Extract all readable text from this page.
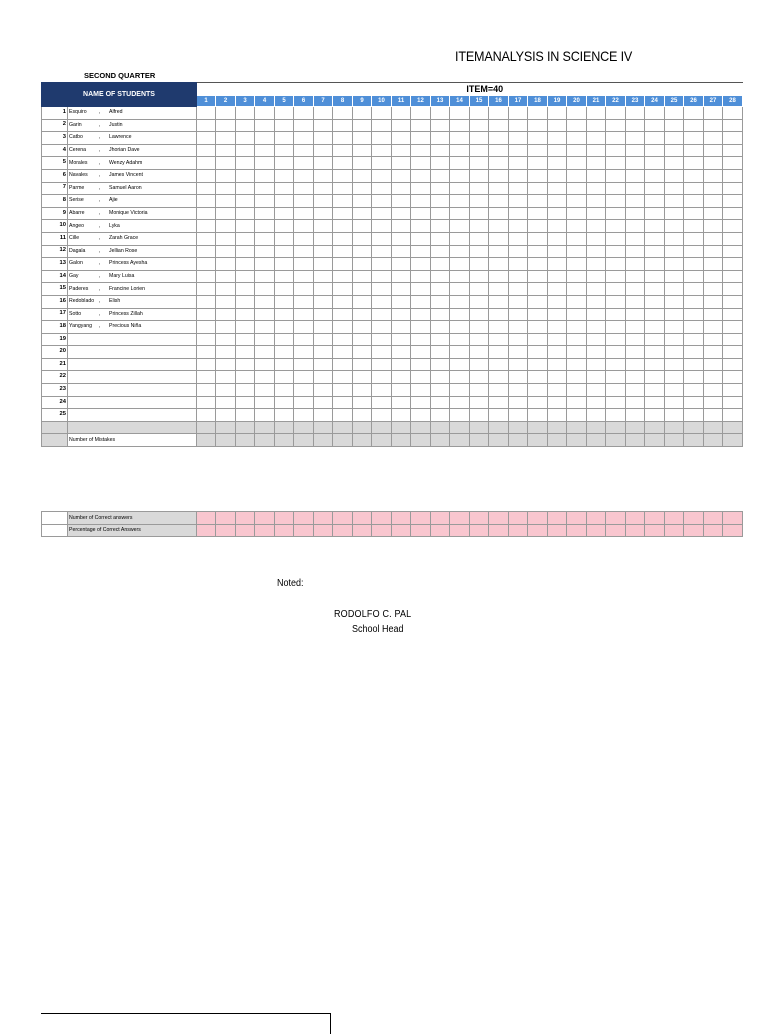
ITEMANALYSIS IN SCIENCE IV
SECOND QUARTER
NAME OF STUDENTS		ITEM=40																											
		1	2	3	4	5	6	7	8	9	10	11	12	13	14	15	16	17	18	19	20	21	22	23	24	25	26	27	28
1	Esquiro , Alfred																												
2	Garin , Justin																												
3	Catbo , Lawrence																												
4	Cerena , Jhorian Dave																												
5	Morales , Wenzy Adahm																												
6	Navales , James Vincent																												
7	Parme , Samuel Aaron																												
8	Serise , Ajie																												
9	Abarre , Monique Victoria																												
10	Angeo , Lyka																												
11	Cille , Zarah Grace																												
12	Dagala , Jellian Rose																												
13	Galon , Princess Ayesha																												
14	Gay , Mary Luisa																												
15	Paderes , Francine Lorien																												
16	Redoblado , Elish																												
17	Sotto , Princess Zillah																												
18	Yangyang , Precious Niña																												
19																													
20																													
21																													
22																													
23																													
24																													
25																													

	Number of Mistakes																												
	Number of Correct answers																												
	Percentage of Correct Answers																												
Noted:
RODOLFO C. PAL
School Head
